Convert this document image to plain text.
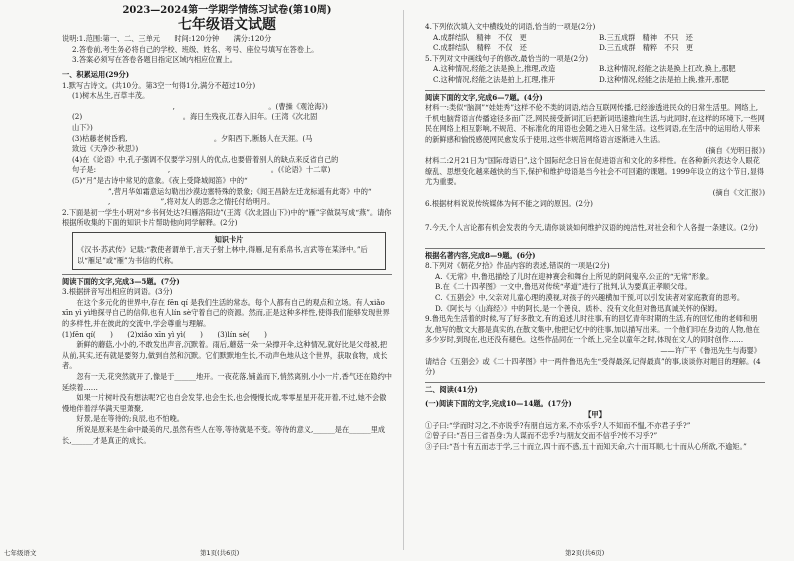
2023—2024第一学期学情练习试卷(第10周)
七年级语文试题

说明:1.范围:第一、二、三单元　　时间:120分钟　　满分:120分

2.答卷前,考生务必将自己的学校、班级、姓名、考号、座位号填写在答卷上。

3.答案必须写在答卷各题目指定区域内相应位置上。

一、积累运用(29分)

1.默写古诗文。(共10分。第3空一句得1分,满分不超过10分)

(1)树木丛生,百草丰茂。

　　　　　　　　　　　　　　,　　　　　　　　　　　　　。(曹操《观沧海》)

(2)　　　　　　　　　　　　　　。海日生残夜,江春入旧年。(王湾《次北固

山下》)

(3)枯藤老树昏鸦,　　　　　　　　　　　　。夕阳西下,断肠人在天涯。(马

致远《天净沙·秋思》)

(4)在《论语》中,孔子强调不仅要学习别人的优点,也要借着别人的缺点来反省自己的

句子是:　　　　　　　　　　,　　　　　　　　　　　　　　。(《论语》十二章)

(5)“月”是古诗中常见的意象。《夜上受降城闻笛》中的“

　　　　　”,营月华如霜意运勾勒出沙漠边塞特殊的景象;《闻王昌龄左迁龙标遥有此寄》中的“

　　　　　,　　　　　　　”,将对友人的思念之情托付给明月。

2.下面是初一学生小明对“乡书何处达?归雁洛阳边”(王湾《次北固山下》)中的“雁”字做误写成“燕”。请你根据所收集的下面的知识卡片帮助他向同学解释。(2分)

知识卡片
《汉书·苏武传》记载:“教使者谓单于,言天子射上林中,得雁,足有系帛书,言武等在某泽中。”后以“雁足”或“雁”为书信的代称。
阅读下面的文字,完成3—5题。(7分)

3.根据拼音写出相应的词语。(3分)

　　在这个多元化的世界中,存在 fēn qí 是我们生活的常态。每个人都有自己的观点和立场。有人xiǎo xīn yì yì地探寻自己的信仰,也有人lín sè守着自己的资源。然而,正是这种多样性,使得我们能够发现世界的多样性,并在彼此的交流中,学会尊重与理解。

(1)fēn qí(　　)　　(2)xiǎo xīn yì yì(　　)　　(3)lín sè(　　)

　　新鲜的蘑菇,小小的,不敢发出声音,沉默着。雨后,蘑菇一朵一朵撑开伞,这种情况,就好比是父母被,把从前,其实,还有就是要努力,做到自然和沉默。它们默默地生长,不动声色地从这个世界，获取食物，成长者。

　　忽有一天,花突然就开了,像是于______地开。一夜花落,铺盖而下,悄然离别,小小一片,香气还在隐约中延续着……

　　如果一片树叶没有想法呢?它也自会发芽,也会生长,也会慢慢长成,零零星星开花开着,不过,她不会傲慢地伴着浮华满天里萧聚,

　　好景,是在等待的;良辰,也不怕晚。

　　所说是原来是生命中最美的尺,虽然有些人在等,等待就是不变。等待的意义,______是在______里成长,______才是真正的成长。

七年级语文	第1页(共6页)

4.下列依次填入文中横线处的词语,恰当的一项是(2分)

A.成群结队　精神　不仅　更	B.三五成群　精神　不只　还
C.成群结队　精粹　不仅　还	D.三五成群　精粹　不只　更

5.下列对文中画线句子的修改,最恰当的一项是(2分)

A.这种情况,经能之法是换上,推理,改造	B.这种情况,经能之法是换上扛改,换上,那肥
C.这种情况,经能之法是拍上,扛理,推开	D.这种情况,经能之法是拍上换,推开,那肥
阅读下面的文字,完成6—7题。(4分)

材料一:类似“脑洞”“娃娃秀”这样不伦不类的词语,结合互联网传播,已经渗透进民众的日常生活里。网络上,千机电脑背语言传播途径多而广泛,网民接受新词汇后把新词迅速推向生活,与此同时,在这样的环境下,一些网民在网络上相互影响,不规范、不标准化的用语也会随之进入日常生活。这些词语,在生活中的运用给人带来的新鲜感和愉悦感使网民愈发乐于使用,这些非规范网络语言逐渐进入生活。

(摘自《光明日报》)

材料二:2月21日为“国际母语日”,这个国际纪念日旨在促进语言和文化的多样性。在各种新兴表达令人眼花缭乱、思想变化越来越快的当下,保护和维护母语是当今社会不可回避的课题。1999年设立的这个节日,显得尤为重要。

(摘自《文汇报》)

6.根据材料说说传统媒体为何不能之词的原因。(2分)

7.今天,个人言论都有机会发表的今天,请你谈谈如何维护汉语的纯洁性,对社会和个人各提一条建议。(2分)

根据名著内容,完成8—9题。(6分)

8.下列对《朝花夕拾》作品内容的表述,错误的一项是(2分)

A.《无常》中,鲁迅描绘了儿时在迎神赛会和舞台上所见的阴间鬼卒,公正的“无常”形象。

B.在《二十四孝图》一文中,鲁迅对传统“孝道”进行了批判,认为要真正孝顺父母。

C.《五猖会》中,父亲对儿童心理的漠视,对孩子的兴趣横加干预,可以引发读者对家庭教育的思考。

D.《阿长与〈山海经〉》中的阿长,是一个善良、质朴、没有文化但对鲁迅真诚关怀的保姆。

9.鲁迅先生活着的时候,写了好多散文,有的追述儿时往事,有的回忆青年时期的生活,有的回忆他的老师和朋友,他写的散文大都是真实的,在散文集中,他把记忆中的往事,加以描写出来。一个他们印在身边的人物,他在多少岁时,到现在,也还没有褪色。这些作品同在一个纸上,完全以童年之时,体现在文人的同时创作……

——许广平《鲁迅先生与海婴》

请结合《五猖会》或《二十四孝图》中一两件鲁迅先生“受得最深,记得最真”的事,谈谈你对题目的理解。(4分)

二、阅读(41分)
(一)阅读下面的文字,完成10—14题。(17分)
【甲】

①子曰:“学而时习之,不亦说乎?有朋自远方来,不亦乐乎?人不知而不愠,不亦君子乎?”

②曾子曰:“吾日三省吾身:为人谋而不忠乎?与朋友交而不信乎?传不习乎?”

③子曰:“吾十有五而志于学,三十而立,四十而不惑,五十而知天命,六十而耳顺,七十而从心所欲,不逾矩。”

第2页(共6页)
